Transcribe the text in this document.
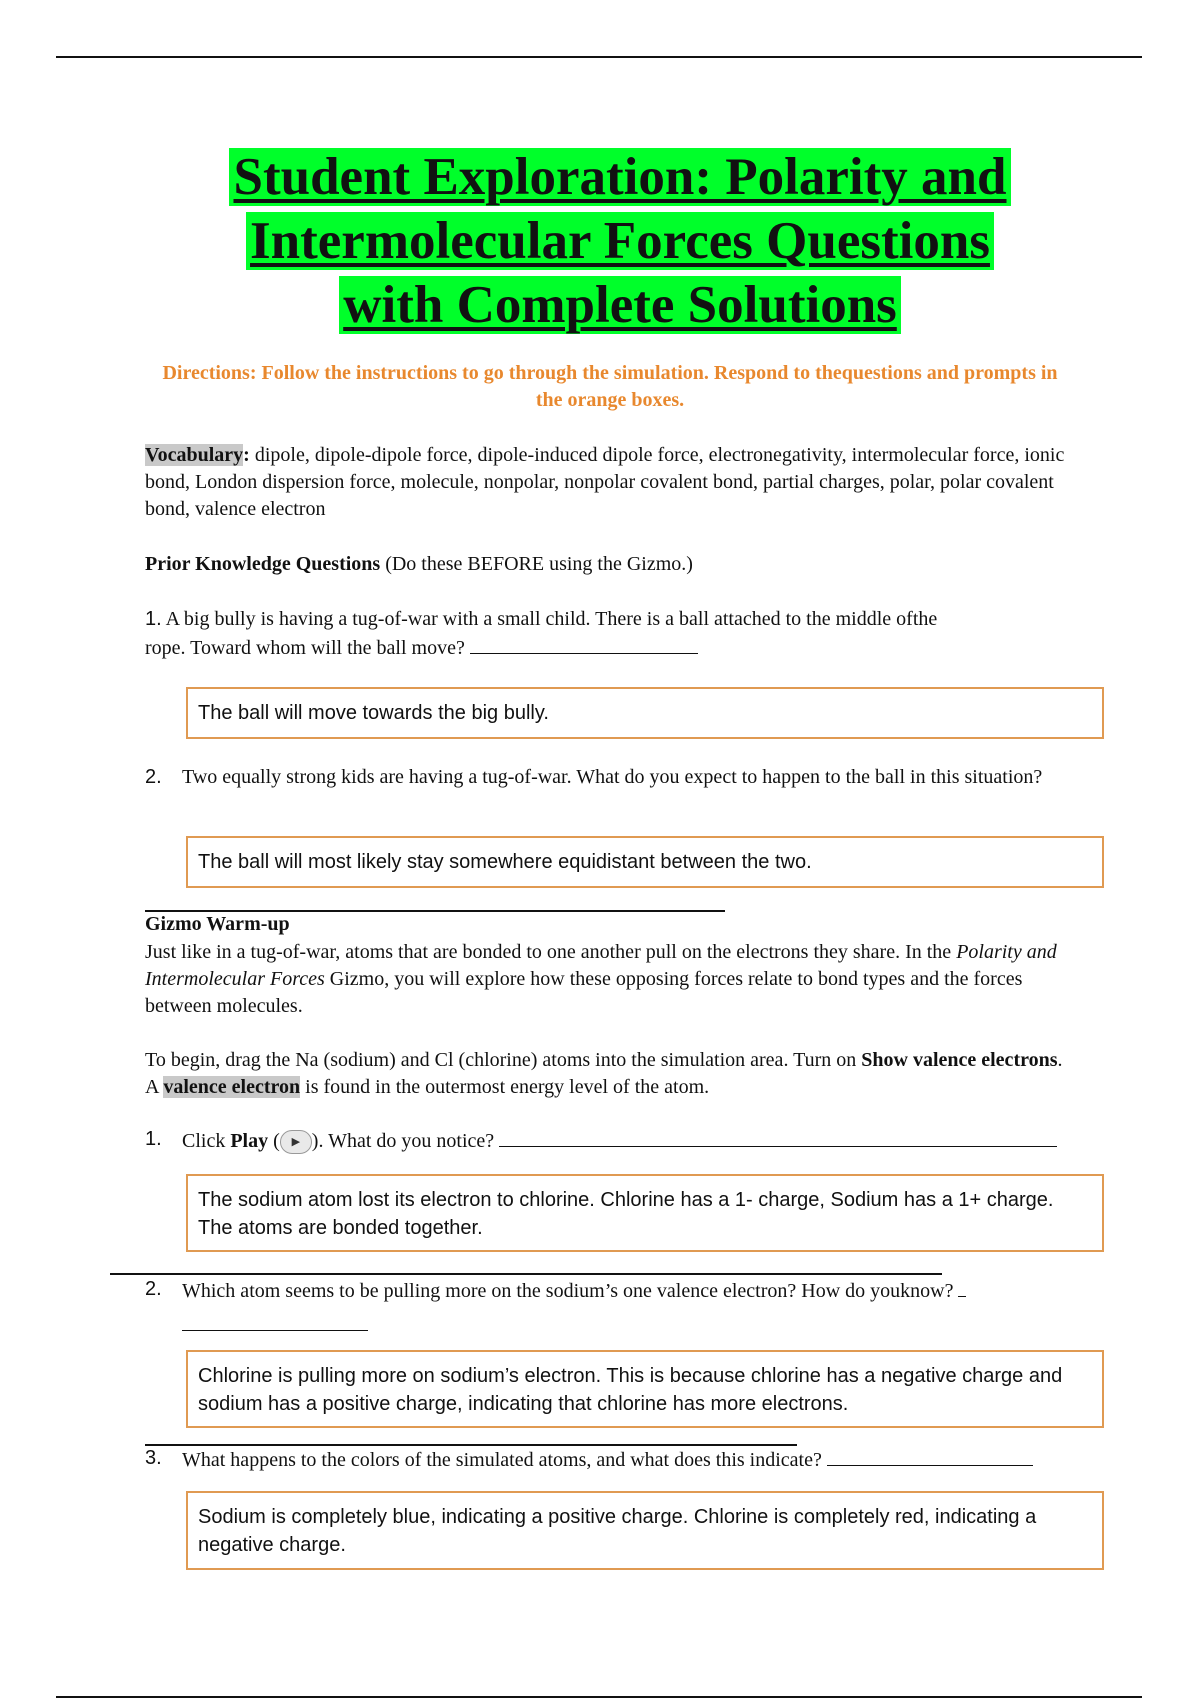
Student Exploration: Polarity and
Intermolecular Forces Questions
with Complete Solutions
Directions: Follow the instructions to go through the simulation. Respond to thequestions and prompts in the orange boxes.
Vocabulary: dipole, dipole-dipole force, dipole-induced dipole force, electronegativity, intermolecular force, ionic bond, London dispersion force, molecule, nonpolar, nonpolar covalent bond, partial charges, polar, polar covalent bond, valence electron
Prior Knowledge Questions (Do these BEFORE using the Gizmo.)
1. A big bully is having a tug-of-war with a small child. There is a ball attached to the middle ofthe
rope. Toward whom will the ball move?
The ball will move towards the big bully.
2. Two equally strong kids are having a tug-of-war. What do you expect to happen to the ball in this situation?
The ball will most likely stay somewhere equidistant between the two.
Gizmo Warm-up
Just like in a tug-of-war, atoms that are bonded to one another pull on the electrons they share. In the Polarity and Intermolecular Forces Gizmo, you will explore how these opposing forces relate to bond types and the forces between molecules.
To begin, drag the Na (sodium) and Cl (chlorine) atoms into the simulation area. Turn on Show valence electrons. A valence electron is found in the outermost energy level of the atom.
1. Click Play ( ▶ ). What do you notice?
The sodium atom lost its electron to chlorine. Chlorine has a 1- charge, Sodium has a 1+ charge. The atoms are bonded together.
2. Which atom seems to be pulling more on the sodium’s one valence electron? How do youknow?
Chlorine is pulling more on sodium’s electron. This is because chlorine has a negative charge and sodium has a positive charge, indicating that chlorine has more electrons.
3. What happens to the colors of the simulated atoms, and what does this indicate?
Sodium is completely blue, indicating a positive charge. Chlorine is completely red, indicating a negative charge.
